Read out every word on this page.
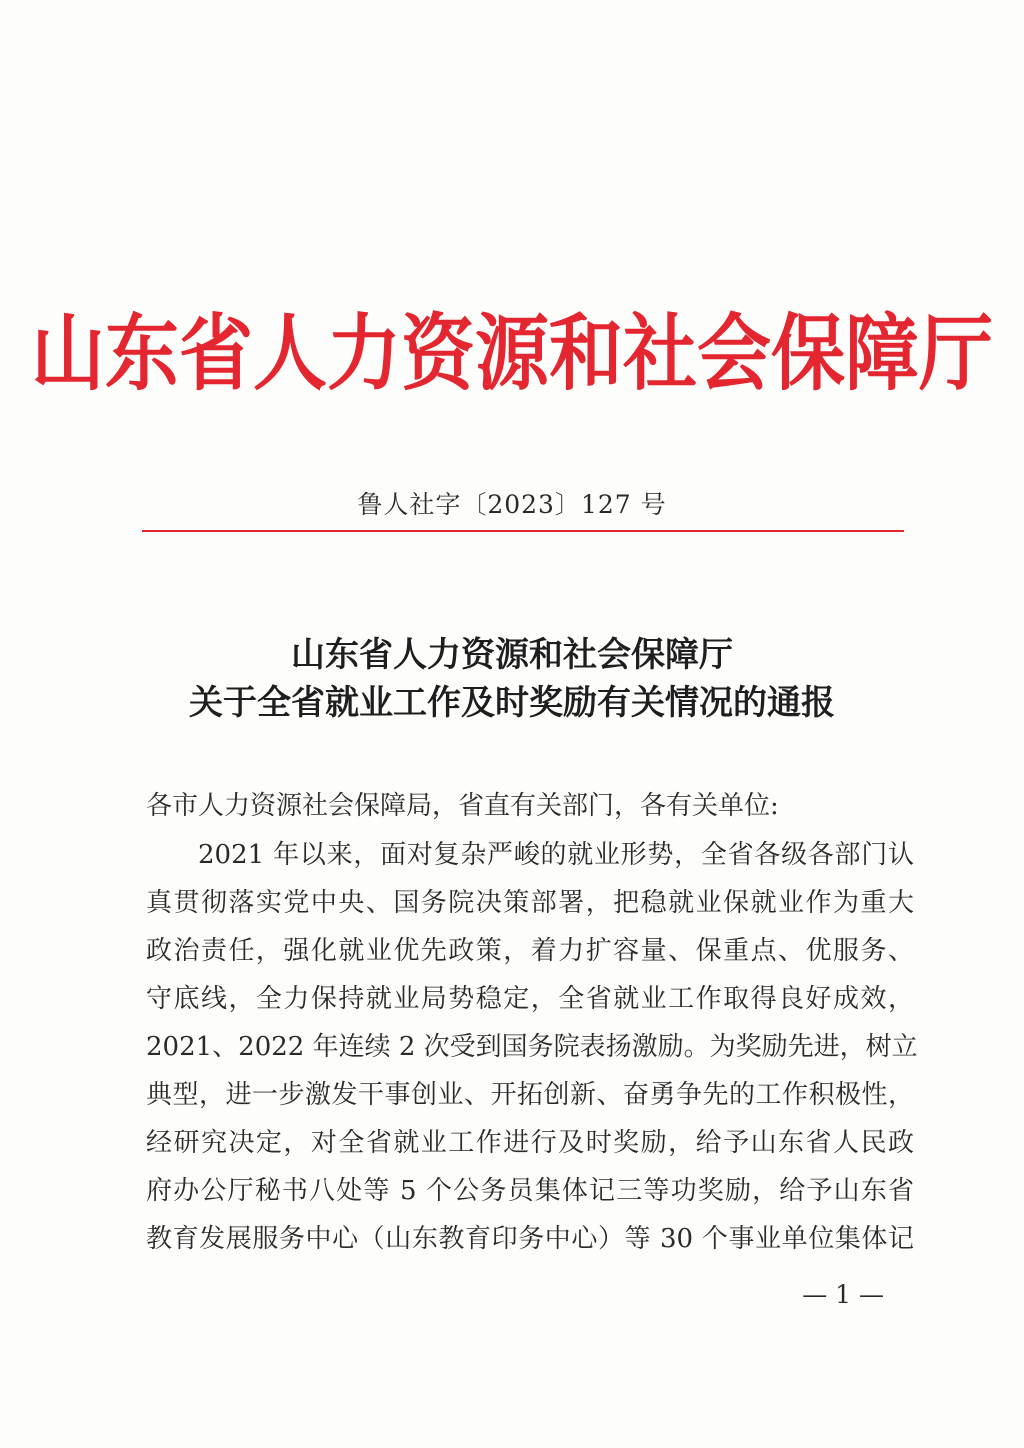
山东省人力资源和社会保障厅
鲁人社字〔2023〕127 号
山东省人力资源和社会保障厅
关于全省就业工作及时奖励有关情况的通报
各市人力资源社会保障局，省直有关部门，各有关单位:
2021 年以来，面对复杂严峻的就业形势，全省各级各部门认
真贯彻落实党中央、国务院决策部署，把稳就业保就业作为重大
政治责任，强化就业优先政策，着力扩容量、保重点、优服务、
守底线，全力保持就业局势稳定，全省就业工作取得良好成效，
2021、2022 年连续 2 次受到国务院表扬激励。为奖励先进，树立
典型，进一步激发干事创业、开拓创新、奋勇争先的工作积极性，
经研究决定，对全省就业工作进行及时奖励，给予山东省人民政
府办公厅秘书八处等 5 个公务员集体记三等功奖励，给予山东省
教育发展服务中心（山东教育印务中心）等 30 个事业单位集体记
— 1 —
